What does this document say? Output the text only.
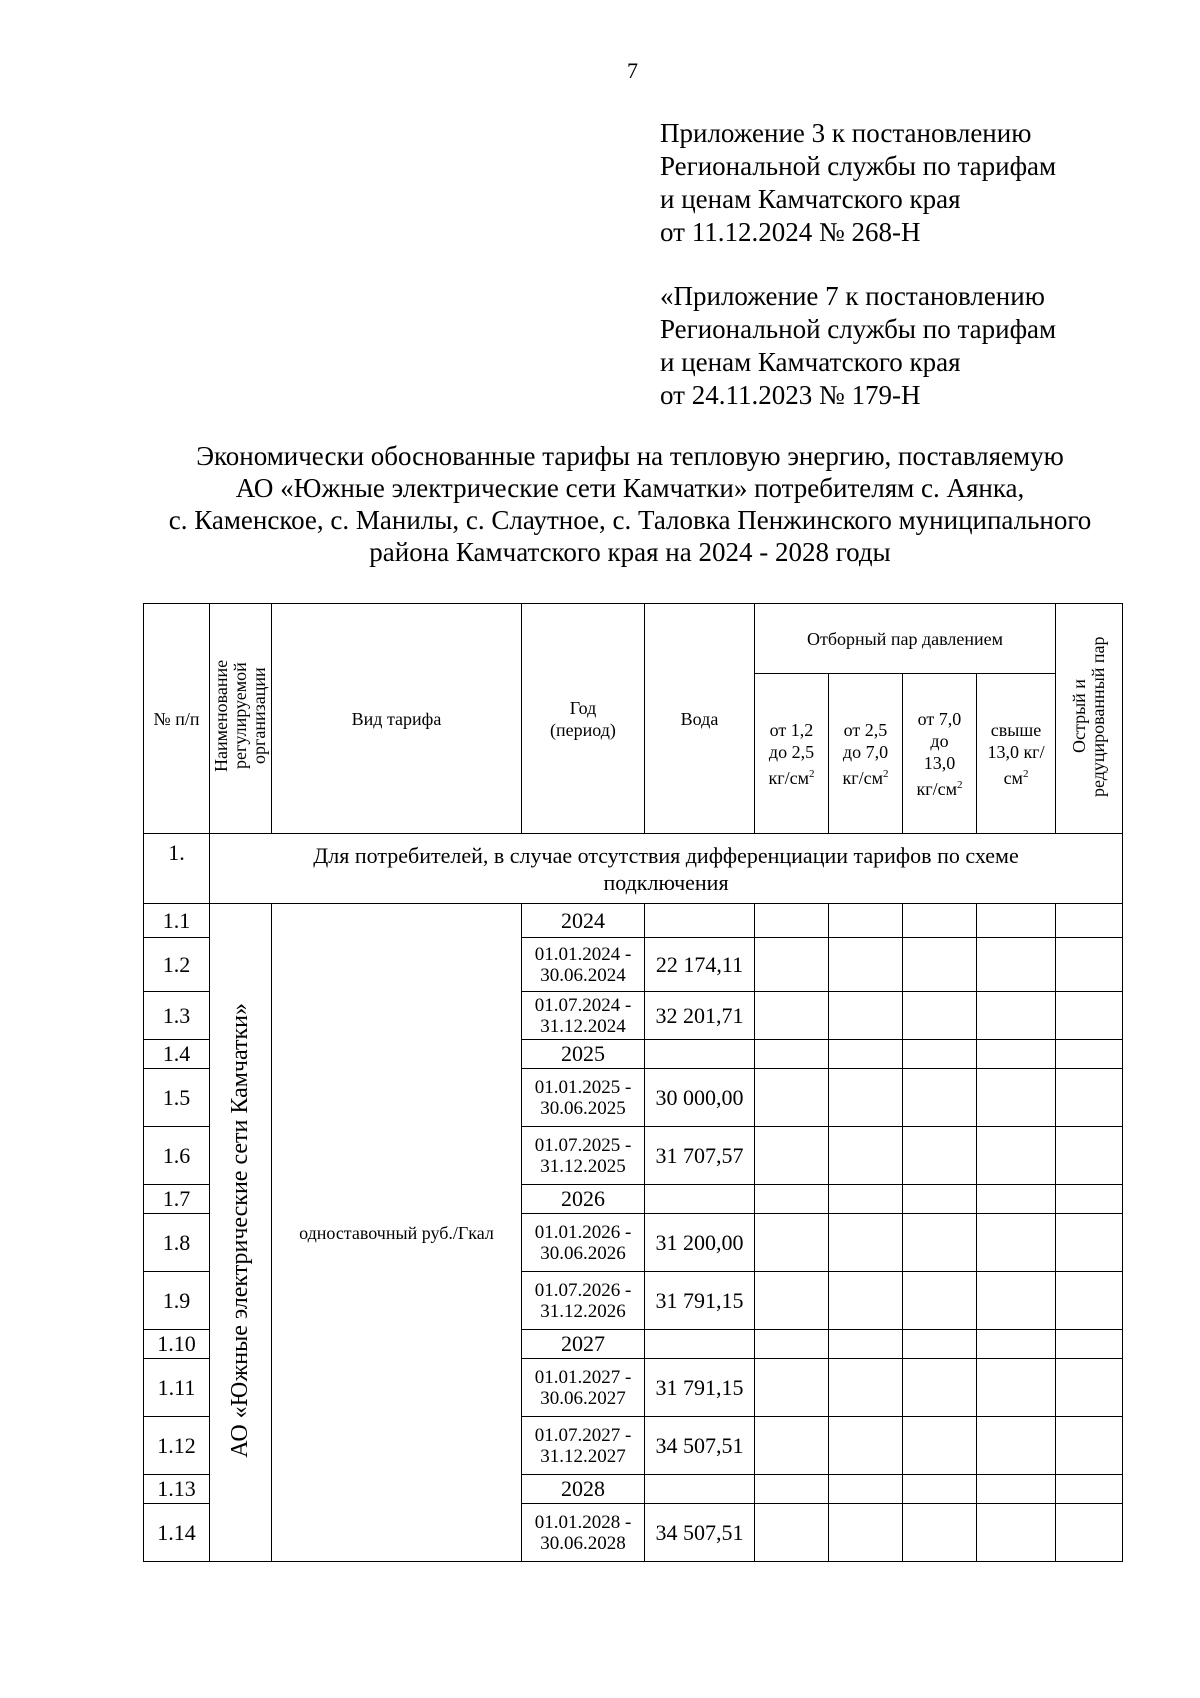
7
Приложение 3 к постановлению
Региональной службы по тарифам
и ценам Камчатского края
от 11.12.2024 № 268-Н
«Приложение 7 к постановлению
Региональной службы по тарифам
и ценам Камчатского края
от 24.11.2023 № 179-Н
Экономически обоснованные тарифы на тепловую энергию, поставляемую
АО «Южные электрические сети Камчатки» потребителям с. Аянка,
с. Каменское, с. Манилы, с. Слаутное, с. Таловка Пенжинского муниципального
района Камчатского края на 2024 - 2028 годы
№ п/п	Наименование регулируемой организации	Вид тарифа	Год (период)	Вода	Отборный пар давлением				Острый и редуцированный пар
					от 1,2 до 2,5 $кг/см^2$	от 2,5 до 7,0 $кг/см^2$	от 7,0 до 13,0 $кг/см^2$	свыше 13,0 $кг/см^2$
1.	Для потребителей, в случае отсутствия дифференциации тарифов по схеме подключения								
1.1	АО «Южные электрические сети Камчатки»	одноставочный руб./Гкал	2024						
1.2			01.01.2024 - 30.06.2024	22 174,11					
1.3			01.07.2024 - 31.12.2024	32 201,71					
1.4			2025						
1.5			01.01.2025 - 30.06.2025	30 000,00					
1.6			01.07.2025 - 31.12.2025	31 707,57					
1.7			2026						
1.8			01.01.2026 - 30.06.2026	31 200,00					
1.9			01.07.2026 - 31.12.2026	31 791,15					
1.10			2027						
1.11			01.01.2027 - 30.06.2027	31 791,15					
1.12			01.07.2027 - 31.12.2027	34 507,51					
1.13			2028						
1.14			01.01.2028 - 30.06.2028	34 507,51					
